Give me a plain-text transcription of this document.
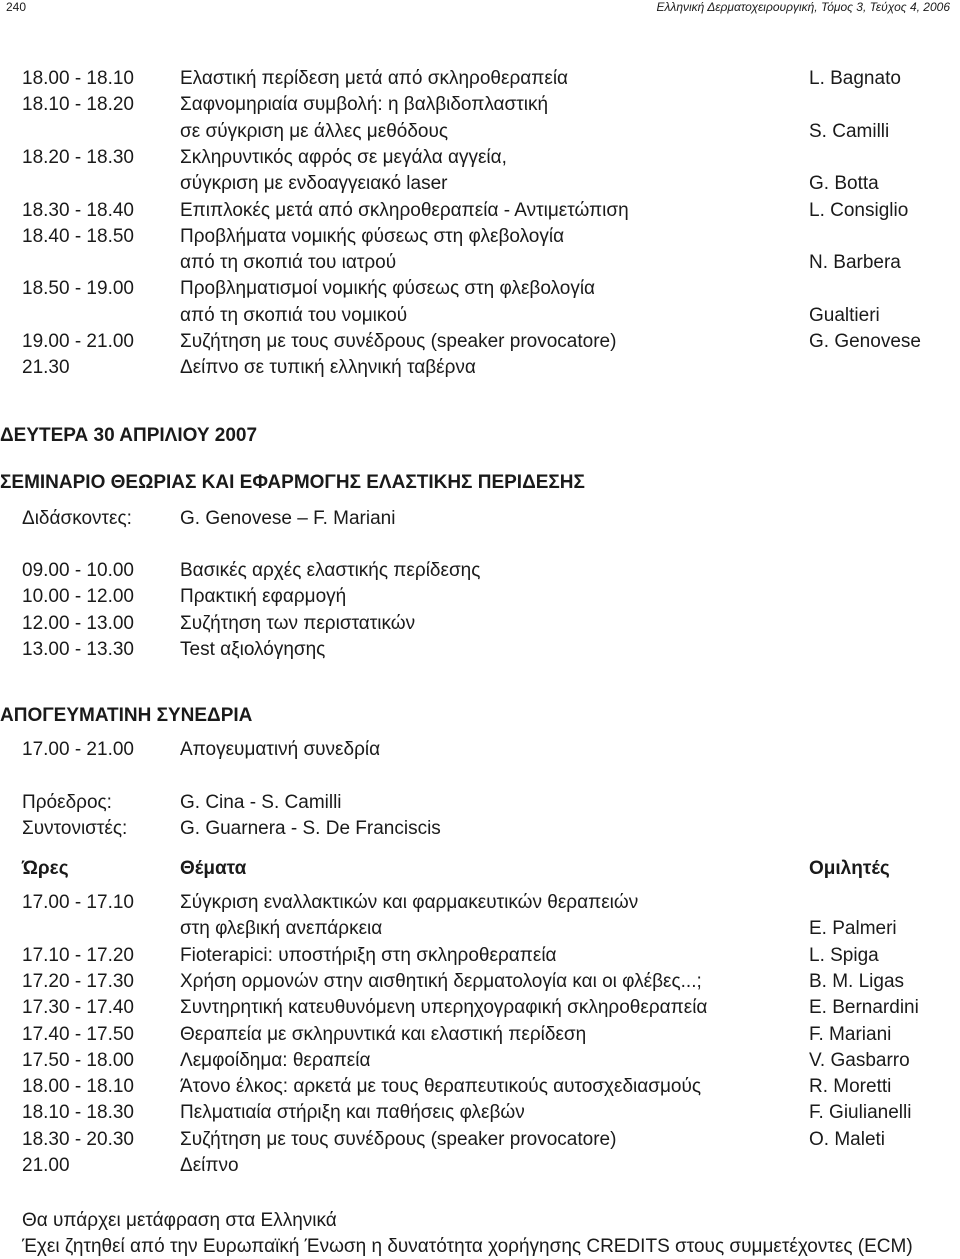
240	Ελληνική Δερματοχειρουργική, Τόμος 3, Τεύχος 4, 2006
18.00 - 18.10 Ελαστική περίδεση μετά από σκληροθεραπεία	L. Bagnato
18.10 - 18.20 Σαφνομηριαία συμβολή: η βαλβιδοπλαστική
σε σύγκριση με άλλες μεθόδους	S. Camilli
18.20 - 18.30 Σκληρυντικός αφρός σε μεγάλα αγγεία,
σύγκριση με ενδοαγγειακό laser	G. Botta
18.30 - 18.40 Επιπλοκές μετά από σκληροθεραπεία - Αντιμετώπιση	L. Consiglio
18.40 - 18.50 Προβλήματα νομικής φύσεως στη φλεβολογία
από τη σκοπιά του ιατρού	N. Barbera
18.50 - 19.00 Προβληματισμοί νομικής φύσεως στη φλεβολογία
από τη σκοπιά του νομικού	Gualtieri
19.00 - 21.00 Συζήτηση με τους συνέδρους (speaker provocatore)	G. Genovese
21.30	Δείπνο σε τυπική ελληνική ταβέρνα
ΔΕΥΤΕΡΑ 30 ΑΠΡΙΛΙΟΥ 2007
ΣΕΜΙΝΑΡΙΟ ΘΕΩΡΙΑΣ ΚΑΙ ΕΦΑΡΜΟΓΗΣ ΕΛΑΣΤΙΚΗΣ ΠΕΡΙΔΕΣΗΣ
Διδάσκοντες:	G. Genovese – F. Mariani
09.00 - 10.00 Βασικές αρχές ελαστικής περίδεσης
10.00 - 12.00 Πρακτική εφαρμογή
12.00 - 13.00 Συζήτηση των περιστατικών
13.00 - 13.30 Test αξιολόγησης
ΑΠΟΓΕΥΜΑΤΙΝΗ ΣΥΝΕΔΡΙΑ
17.00 - 21.00 Απογευματινή συνεδρία
Πρόεδρος:	G. Cina - S. Camilli
Συντονιστές:	G. Guarnera - S. De Franciscis
Ώρες	Θέματα	Ομιλητές
17.00 - 17.10 Σύγκριση εναλλακτικών και φαρμακευτικών θεραπειών
στη φλεβική ανεπάρκεια	E. Palmeri
17.10 - 17.20 Fioterapici: υποστήριξη στη σκληροθεραπεία	L. Spiga
17.20 - 17.30 Χρήση ορμονών στην αισθητική δερματολογία και οι φλέβες...;	B. M. Ligas
17.30 - 17.40 Συντηρητική κατευθυνόμενη υπερηχογραφική σκληροθεραπεία	E. Bernardini
17.40 - 17.50 Θεραπεία με σκληρυντικά και ελαστική περίδεση	F. Mariani
17.50 - 18.00 Λεμφοίδημα: θεραπεία	V. Gasbarro
18.00 - 18.10 Άτονο έλκος: αρκετά με τους θεραπευτικούς αυτοσχεδιασμούς	R. Moretti
18.10 - 18.30 Πελματιαία στήριξη και παθήσεις φλεβών	F. Giulianelli
18.30 - 20.30 Συζήτηση με τους συνέδρους (speaker provocatore)	O. Maleti
21.00	Δείπνο
Θα υπάρχει μετάφραση στα Ελληνικά
Έχει ζητηθεί από την Ευρωπαϊκή Ένωση η δυνατότητα χορήγησης CREDITS στους συμμετέχοντες (ECM)
